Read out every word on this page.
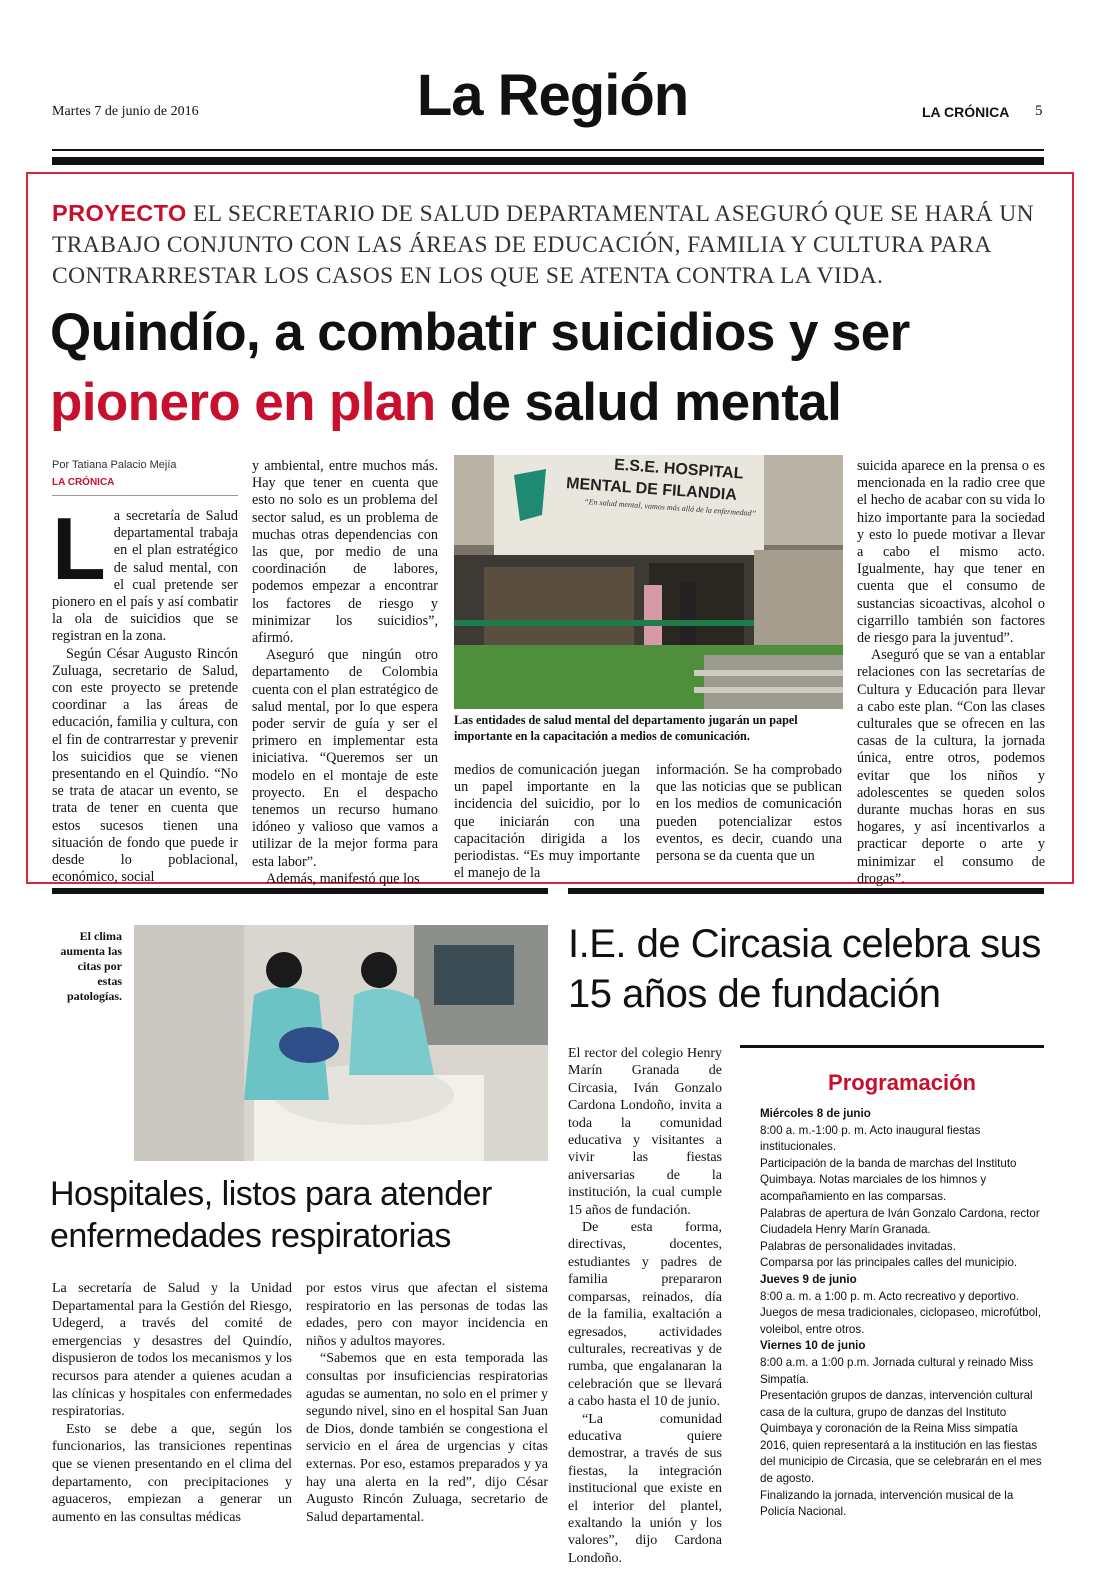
Martes 7 de junio de 2016	La Región	LA CRÓNICA 5
PROYECTO EL SECRETARIO DE SALUD DEPARTAMENTAL ASEGURÓ QUE SE HARÁ UN TRABAJO CONJUNTO CON LAS ÁREAS DE EDUCACIÓN, FAMILIA Y CULTURA PARA CONTRARRESTAR LOS CASOS EN LOS QUE SE ATENTA CONTRA LA VIDA.
Quindío, a combatir suicidios y ser
pionero en plan de salud mental
Por Tatiana Palacio Mejía
LA CRÓNICA

La secretaría de Salud departamental trabaja en el plan estratégico de salud mental, con el cual pretende ser pionero en el país y así combatir la ola de suicidios que se registran en la zona.

Según César Augusto Rincón Zuluaga, secretario de Salud, con este proyecto se pretende coordinar a las áreas de educación, familia y cultura, con el fin de contrarrestar y prevenir los suicidios que se vienen presentando en el Quindío. “No se trata de atacar un evento, se trata de tener en cuenta que estos sucesos tienen una situación de fondo que puede ir desde lo poblacional, económico, social

y ambiental, entre muchos más. Hay que tener en cuenta que esto no solo es un problema del sector salud, es un problema de muchas otras dependencias con las que, por medio de una coordinación de labores, podemos empezar a encontrar los factores de riesgo y minimizar los suicidios”, afirmó.

Aseguró que ningún otro departamento de Colombia cuenta con el plan estratégico de salud mental, por lo que espera poder servir de guía y ser el primero en implementar esta iniciativa. “Queremos ser un modelo en el montaje de este proyecto. En el despacho tenemos un recurso humano idóneo y valioso que vamos a utilizar de la mejor forma para esta labor”.

Además, manifestó que los

E.S.E. HOSPITAL
MENTAL DE FILANDIA
“En salud mental, vamos más allá de la enfermedad”
Las entidades de salud mental del departamento jugarán un papel importante en la capacitación a medios de comunicación.

medios de comunicación juegan un papel importante en la incidencia del suicidio, por lo que iniciarán con una capacitación dirigida a los periodistas. “Es muy importante el manejo de la

información. Se ha comprobado que las noticias que se publican en los medios de comunicación pueden potencializar estos eventos, es decir, cuando una persona se da cuenta que un

suicida aparece en la prensa o es mencionada en la radio cree que el hecho de acabar con su vida lo hizo importante para la sociedad y esto lo puede motivar a llevar a cabo el mismo acto. Igualmente, hay que tener en cuenta que el consumo de sustancias sicoactivas, alcohol o cigarrillo también son factores de riesgo para la juventud”.

Aseguró que se van a entablar relaciones con las secretarías de Cultura y Educación para llevar a cabo este plan. “Con las clases culturales que se ofrecen en las casas de la cultura, la jornada única, entre otros, podemos evitar que los niños y adolescentes se queden solos durante muchas horas en sus hogares, y así incentivarlos a practicar deporte o arte y minimizar el consumo de drogas”.

El clima aumenta las citas por estas patologías.
Hospitales, listos para atender enfermedades respiratorias

La secretaría de Salud y la Unidad Departamental para la Gestión del Riesgo, Udegerd, a través del comité de emergencias y desastres del Quindío, dispusieron de todos los mecanismos y los recursos para atender a quienes acudan a las clínicas y hospitales con enfermedades respiratorias.

Esto se debe a que, según los funcionarios, las transiciones repentinas que se vienen presentando en el clima del departamento, con precipitaciones y aguaceros, empiezan a generar un aumento en las consultas médicas

por estos virus que afectan el sistema respiratorio en las personas de todas las edades, pero con mayor incidencia en niños y adultos mayores.

“Sabemos que en esta temporada las consultas por insuficiencias respiratorias agudas se aumentan, no solo en el primer y segundo nivel, sino en el hospital San Juan de Dios, donde también se congestiona el servicio en el área de urgencias y citas externas. Por eso, estamos preparados y ya hay una alerta en la red”, dijo César Augusto Rincón Zuluaga, secretario de Salud departamental.

I.E. de Circasia celebra sus 15 años de fundación

El rector del colegio Henry Marín Granada de Circasia, Iván Gonzalo Cardona Londoño, invita a toda la comunidad educativa y visitantes a vivir las fiestas aniversarias de la institución, la cual cumple 15 años de fundación.

De esta forma, directivas, docentes, estudiantes y padres de familia prepararon comparsas, reinados, día de la familia, exaltación a egresados, actividades culturales, recreativas y de rumba, que engalanaran la celebración que se llevará a cabo hasta el 10 de junio.

“La comunidad educativa quiere demostrar, a través de sus fiestas, la integración institucional que existe en el interior del plantel, exaltando la unión y los valores”, dijo Cardona Londoño.

Programación
Miércoles 8 de junio
8:00 a. m.-1:00 p. m. Acto inaugural fiestas institucionales.
Participación de la banda de marchas del Instituto Quimbaya. Notas marciales de los himnos y acompañamiento en las comparsas.
Palabras de apertura de Iván Gonzalo Cardona, rector Ciudadela Henry Marín Granada.
Palabras de personalidades invitadas.
Comparsa por las principales calles del municipio.
Jueves 9 de junio
8:00 a. m. a 1:00 p. m. Acto recreativo y deportivo.
Juegos de mesa tradicionales, ciclopaseo, microfútbol, voleibol, entre otros.
Viernes 10 de junio
8:00 a.m. a 1:00 p.m. Jornada cultural y reinado Miss Simpatía.
Presentación grupos de danzas, intervención cultural casa de la cultura, grupo de danzas del Instituto Quimbaya y coronación de la Reina Miss simpatía 2016, quien representará a la institución en las fiestas del municipio de Circasia, que se celebrarán en el mes de agosto.
Finalizando la jornada, intervención musical de la Policía Nacional.
